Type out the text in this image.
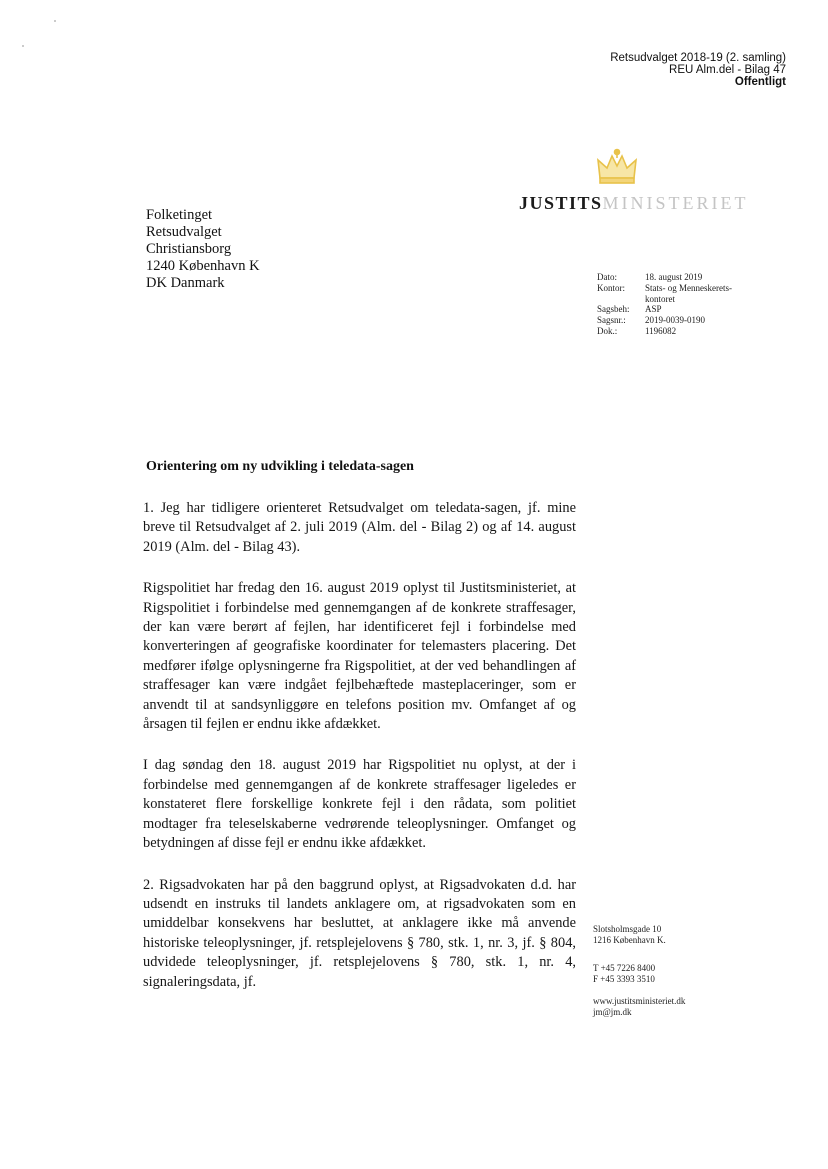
Retsudvalget 2018-19 (2. samling)
REU Alm.del - Bilag 47
Offentligt
JUSTITSMINISTERIET
Folketinget
Retsudvalget
Christiansborg
1240 København K
DK Danmark	Dato:	18. august 2019
Kontor:	Stats- og Menneskerets-
kontoret
Sagsbeh:	ASP
Sagsnr.:	2019-0039-0190
Dok.:	1196082
Orientering om ny udvikling i teledata-sagen

1. Jeg har tidligere orienteret Retsudvalget om teledata-sagen, jf. mine breve til Retsudvalget af 2. juli 2019 (Alm. del - Bilag 2) og af 14. august 2019 (Alm. del - Bilag 43).

Rigspolitiet har fredag den 16. august 2019 oplyst til Justitsministeriet, at Rigspolitiet i forbindelse med gennemgangen af de konkrete straffesager, der kan være berørt af fejlen, har identificeret fejl i forbindelse med konverteringen af geografiske koordinater for telemasters placering. Det medfører ifølge oplysningerne fra Rigspolitiet, at der ved behandlingen af straffesager kan være indgået fejlbehæftede masteplaceringer, som er anvendt til at sandsynliggøre en telefons position mv. Omfanget af og årsagen til fejlen er endnu ikke afdækket.

I dag søndag den 18. august 2019 har Rigspolitiet nu oplyst, at der i forbindelse med gennemgangen af de konkrete straffesager ligeledes er konstateret flere forskellige konkrete fejl i den rådata, som politiet modtager fra teleselskaberne vedrørende teleoplysninger. Omfanget og betydningen af disse fejl er endnu ikke afdækket.

2. Rigsadvokaten har på den baggrund oplyst, at Rigsadvokaten d.d. har udsendt en instruks til landets anklagere om, at rigsadvokaten som en umiddelbar konsekvens har besluttet, at anklagere ikke må anvende historiske teleoplysninger, jf. retsplejelovens § 780, stk. 1, nr. 3, jf. § 804, udvidede teleoplysninger, jf. retsplejelovens § 780, stk. 1, nr. 4, signaleringsdata, jf.

Slotsholmsgade 10
1216 København K.
T +45 7226 8400
F +45 3393 3510
www.justitsministeriet.dk
jm@jm.dk
